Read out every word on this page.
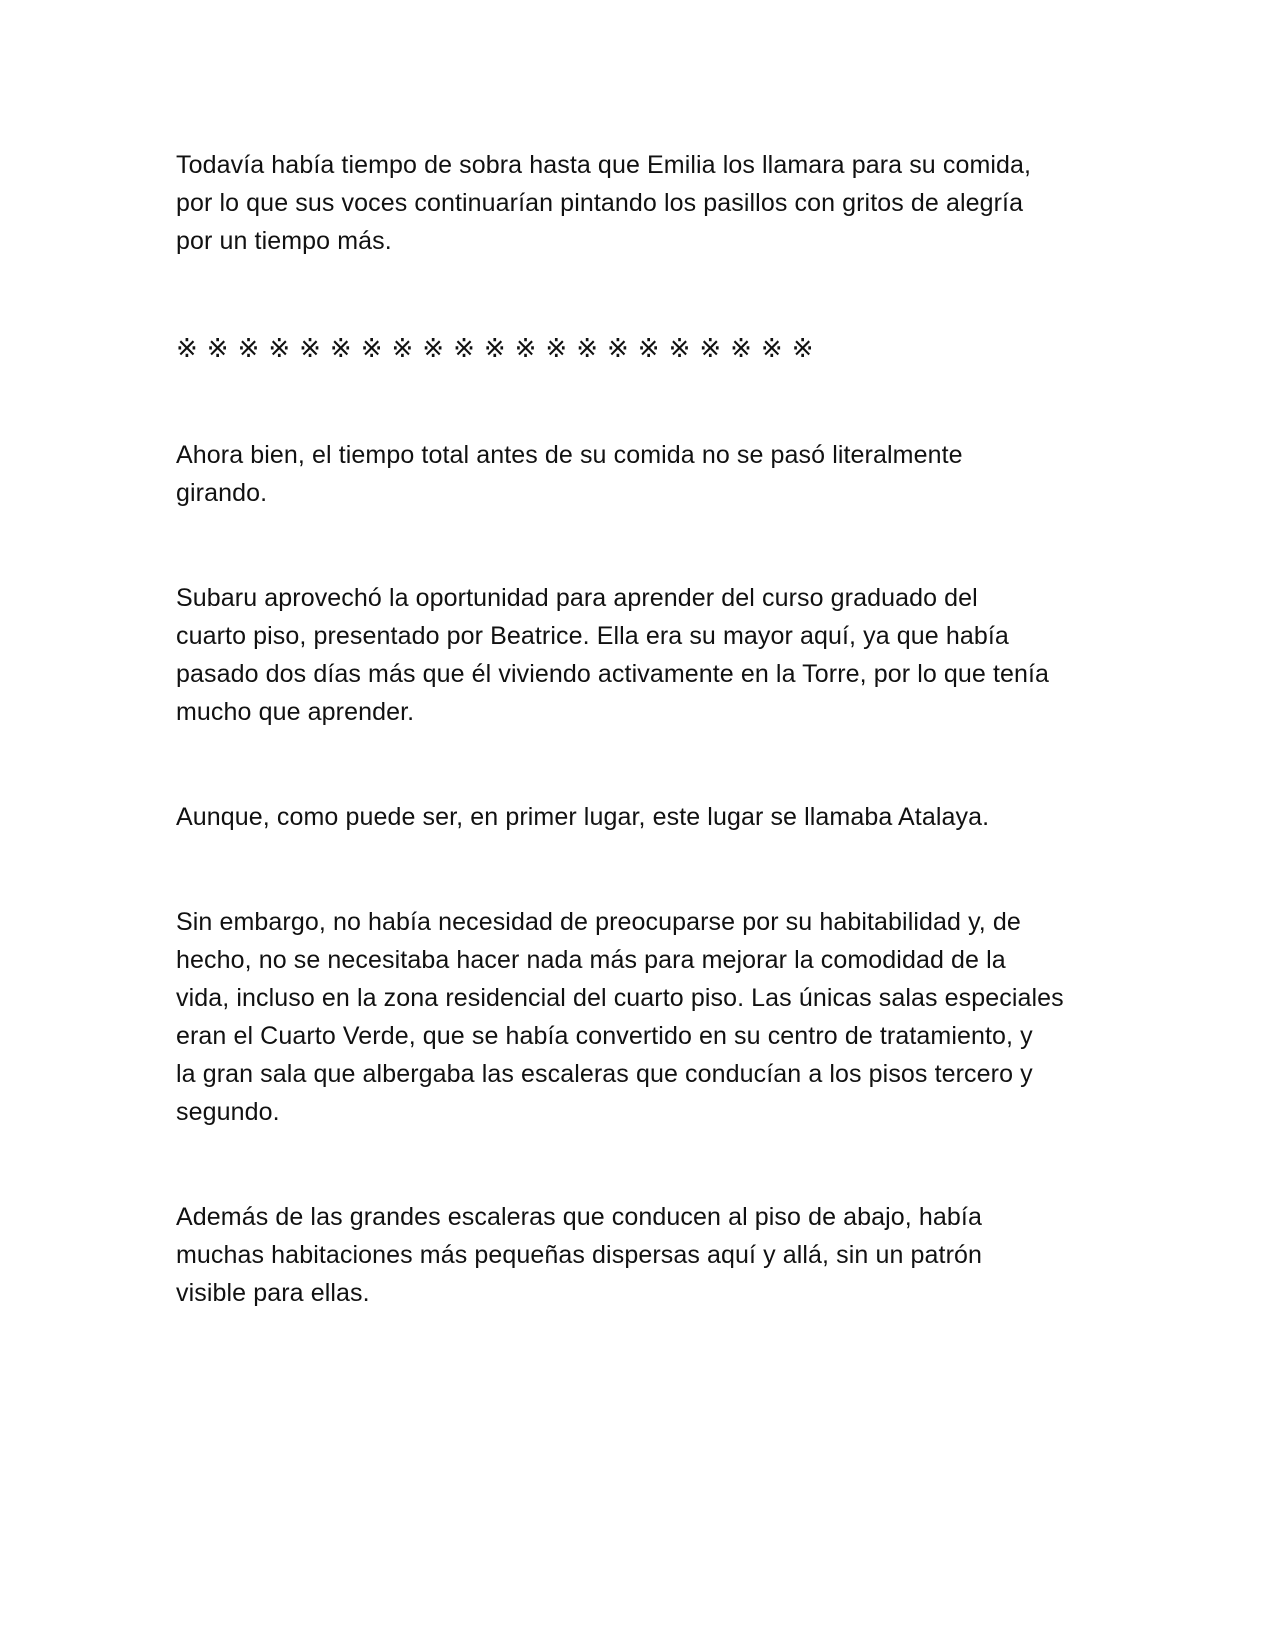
Todavía había tiempo de sobra hasta que Emilia los llamara para su comida,
por lo que sus voces continuarían pintando los pasillos con gritos de alegría
por un tiempo más.

※※※※※※※※※※※※※※※※※※※※※

Ahora bien, el tiempo total antes de su comida no se pasó literalmente
girando.

Subaru aprovechó la oportunidad para aprender del curso graduado del
cuarto piso, presentado por Beatrice. Ella era su mayor aquí, ya que había
pasado dos días más que él viviendo activamente en la Torre, por lo que tenía
mucho que aprender.

Aunque, como puede ser, en primer lugar, este lugar se llamaba Atalaya.

Sin embargo, no había necesidad de preocuparse por su habitabilidad y, de
hecho, no se necesitaba hacer nada más para mejorar la comodidad de la
vida, incluso en la zona residencial del cuarto piso. Las únicas salas especiales
eran el Cuarto Verde, que se había convertido en su centro de tratamiento, y
la gran sala que albergaba las escaleras que conducían a los pisos tercero y
segundo.

Además de las grandes escaleras que conducen al piso de abajo, había
muchas habitaciones más pequeñas dispersas aquí y allá, sin un patrón
visible para ellas.
